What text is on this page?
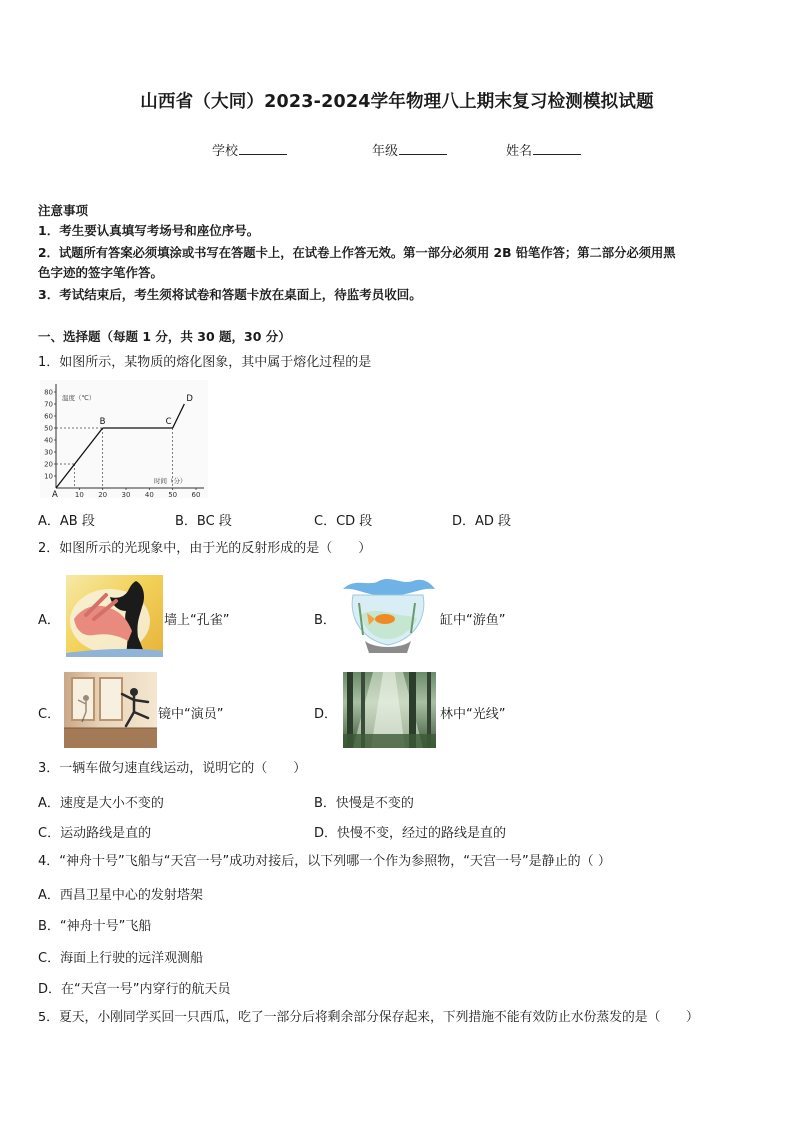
山西省（大同）2023-2024学年物理八上期末复习检测模拟试题
学校	年级	姓名
注意事项
1．考生要认真填写考场号和座位序号。
2．试题所有答案必须填涂或书写在答题卡上，在试卷上作答无效。第一部分必须用 2B 铅笔作答；第二部分必须用黑
色字迹的签字笔作答。
3．考试结束后，考生须将试卷和答题卡放在桌面上，待监考员收回。
一、选择题（每题 1 分，共 30 题，30 分）
1．如图所示，某物质的熔化图象，其中属于熔化过程的是
10
20
30
40
50
60
70
80
10 20 30 40 50 60
温度（℃）
时间（分）
A
B	C
D
A．AB 段	B．BC 段	C．CD 段	D．AD 段
2．如图所示的光现象中，由于光的反射形成的是（　　）
A．	墙上“孔雀”	B．	缸中“游鱼”
C．	镜中“演员”	D．	林中“光线”
3．一辆车做匀速直线运动，说明它的（　　）
A．速度是大小不变的	B．快慢是不变的
C．运动路线是直的	D．快慢不变，经过的路线是直的
4．“神舟十号”飞船与“天宫一号”成功对接后，以下列哪一个作为参照物，“天宫一号”是静止的（ ）
A．西昌卫星中心的发射塔架
B．“神舟十号”飞船
C．海面上行驶的远洋观测船
D．在“天宫一号”内穿行的航天员
5．夏天，小刚同学买回一只西瓜，吃了一部分后将剩余部分保存起来，下列措施不能有效防止水份蒸发的是（　　）
